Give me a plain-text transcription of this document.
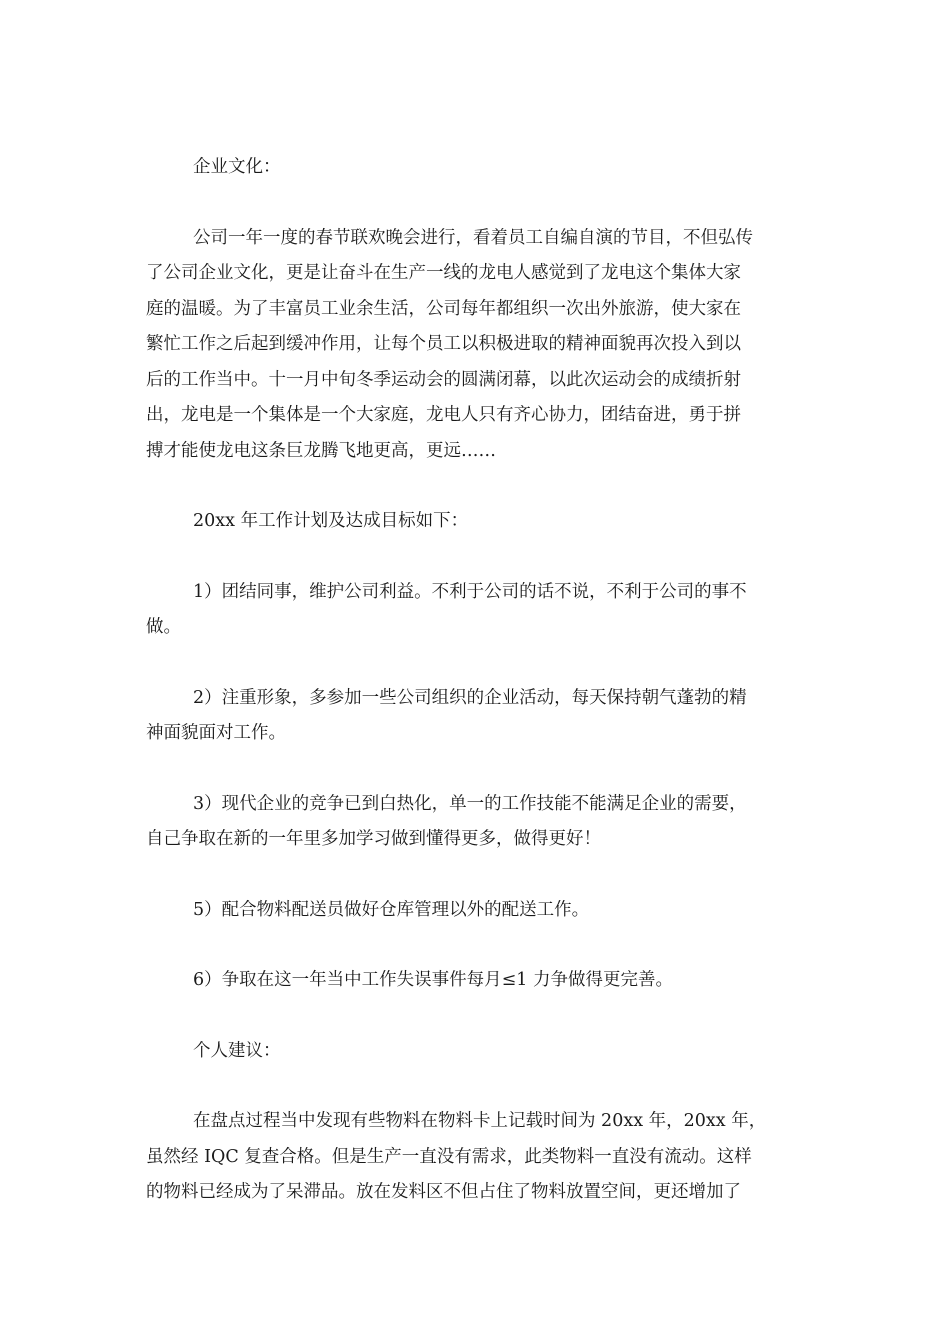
企业文化：
公司一年一度的春节联欢晚会进行，看着员工自编自演的节目，不但弘传
了公司企业文化，更是让奋斗在生产一线的龙电人感觉到了龙电这个集体大家
庭的温暖。为了丰富员工业余生活，公司每年都组织一次出外旅游，使大家在
繁忙工作之后起到缓冲作用，让每个员工以积极进取的精神面貌再次投入到以
后的工作当中。十一月中旬冬季运动会的圆满闭幕，以此次运动会的成绩折射
出，龙电是一个集体是一个大家庭，龙电人只有齐心协力，团结奋进，勇于拼
搏才能使龙电这条巨龙腾飞地更高，更远……
20xx 年工作计划及达成目标如下：
1）团结同事，维护公司利益。不利于公司的话不说，不利于公司的事不
做。
2）注重形象，多参加一些公司组织的企业活动，每天保持朝气蓬勃的精
神面貌面对工作。
3）现代企业的竞争已到白热化，单一的工作技能不能满足企业的需要，
自己争取在新的一年里多加学习做到懂得更多，做得更好！
5）配合物料配送员做好仓库管理以外的配送工作。
6）争取在这一年当中工作失误事件每月≤1 力争做得更完善。
个人建议：
在盘点过程当中发现有些物料在物料卡上记载时间为 20xx 年，20xx 年，
虽然经 IQC 复查合格。但是生产一直没有需求，此类物料一直没有流动。这样
的物料已经成为了呆滞品。放在发料区不但占住了物料放置空间，更还增加了
